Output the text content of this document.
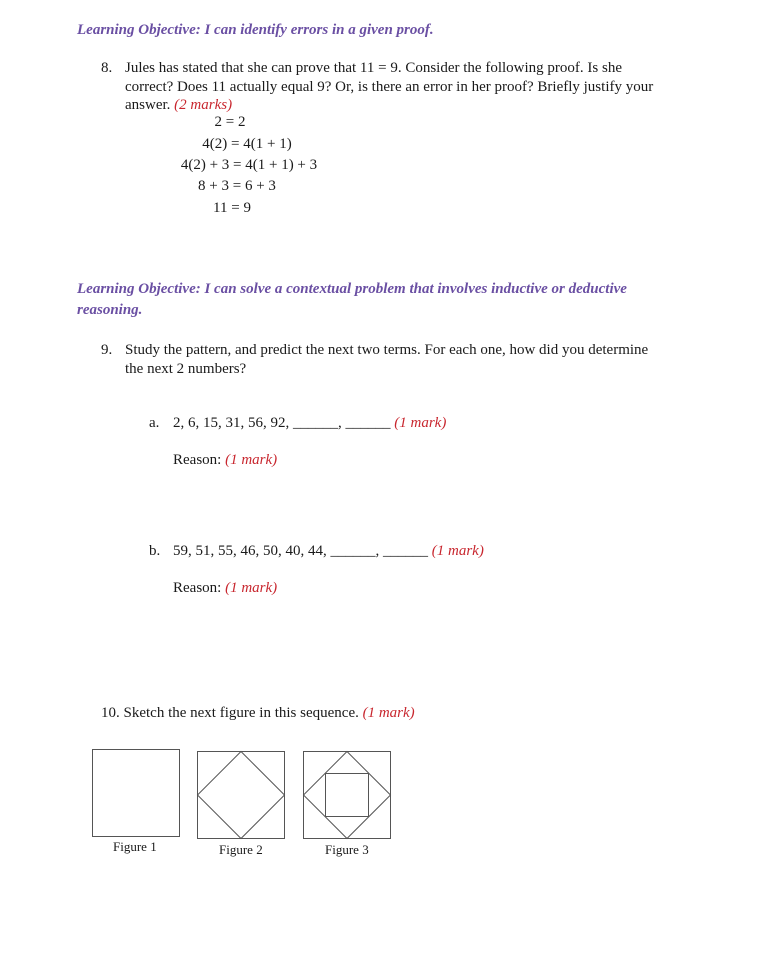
Learning Objective: I can identify errors in a given proof.
8. Jules has stated that she can prove that 11 = 9. Consider the following proof. Is she
correct? Does 11 actually equal 9? Or, is there an error in her proof? Briefly justify your
answer. (2 marks)
2 = 2
4(2) = 4(1 + 1)
4(2) + 3 = 4(1 + 1) + 3
8 + 3 = 6 + 3
11 = 9
Learning Objective: I can solve a contextual problem that involves inductive or deductive
reasoning.
9. Study the pattern, and predict the next two terms. For each one, how did you determine
the next 2 numbers?
a. 2, 6, 15, 31, 56, 92, ______, ______ (1 mark)
Reason: (1 mark)
b. 59, 51, 55, 46, 50, 40, 44, ______, ______ (1 mark)
Reason: (1 mark)
10. Sketch the next figure in this sequence. (1 mark)
Figure 1	Figure 2	Figure 3
